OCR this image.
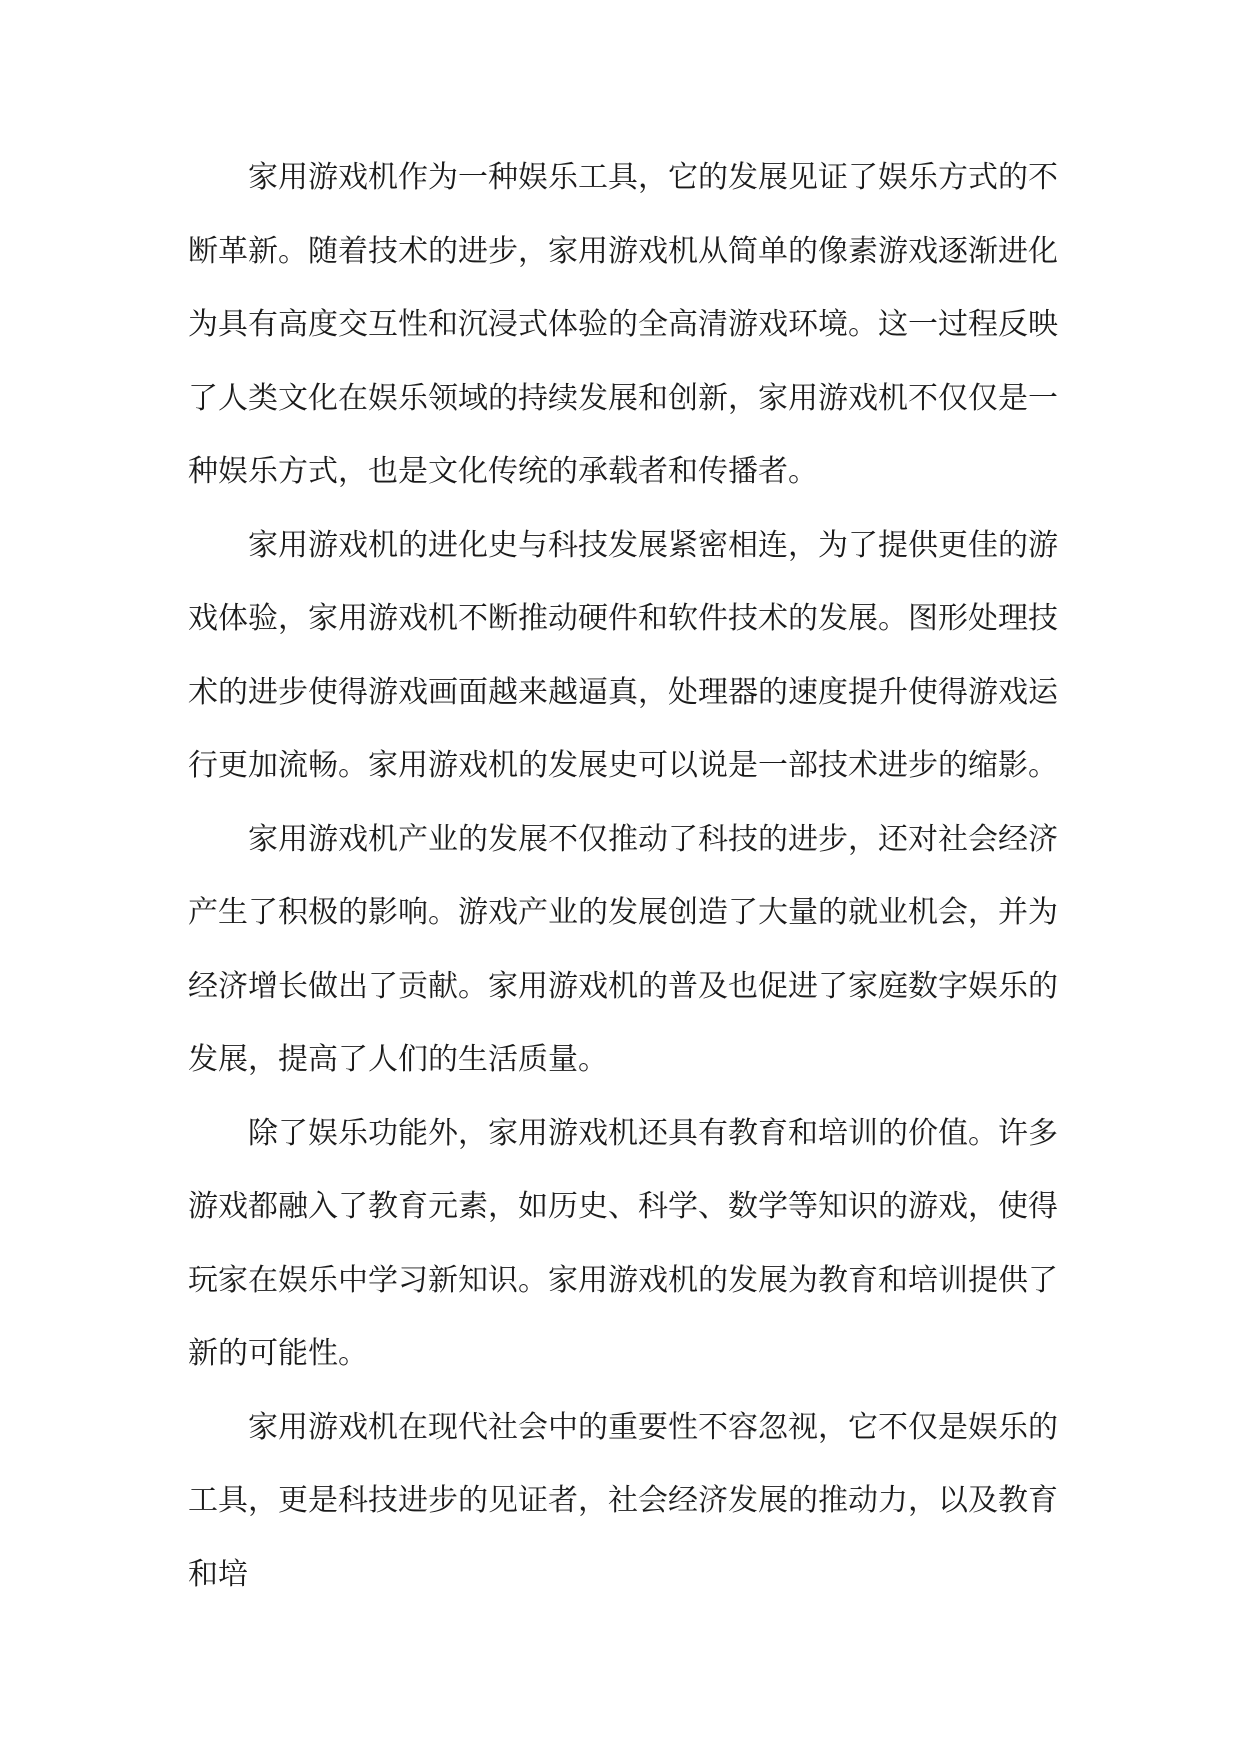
家用游戏机作为一种娱乐工具，它的发展见证了娱乐方式的不断革新。随着技术的进步，家用游戏机从简单的像素游戏逐渐进化为具有高度交互性和沉浸式体验的全高清游戏环境。这一过程反映了人类文化在娱乐领域的持续发展和创新，家用游戏机不仅仅是一种娱乐方式，也是文化传统的承载者和传播者。

家用游戏机的进化史与科技发展紧密相连，为了提供更佳的游戏体验，家用游戏机不断推动硬件和软件技术的发展。图形处理技术的进步使得游戏画面越来越逼真，处理器的速度提升使得游戏运行更加流畅。家用游戏机的发展史可以说是一部技术进步的缩影。

家用游戏机产业的发展不仅推动了科技的进步，还对社会经济产生了积极的影响。游戏产业的发展创造了大量的就业机会，并为经济增长做出了贡献。家用游戏机的普及也促进了家庭数字娱乐的发展，提高了人们的生活质量。

除了娱乐功能外，家用游戏机还具有教育和培训的价值。许多游戏都融入了教育元素，如历史、科学、数学等知识的游戏，使得玩家在娱乐中学习新知识。家用游戏机的发展为教育和培训提供了新的可能性。

家用游戏机在现代社会中的重要性不容忽视，它不仅是娱乐的工具，更是科技进步的见证者，社会经济发展的推动力，以及教育和培
